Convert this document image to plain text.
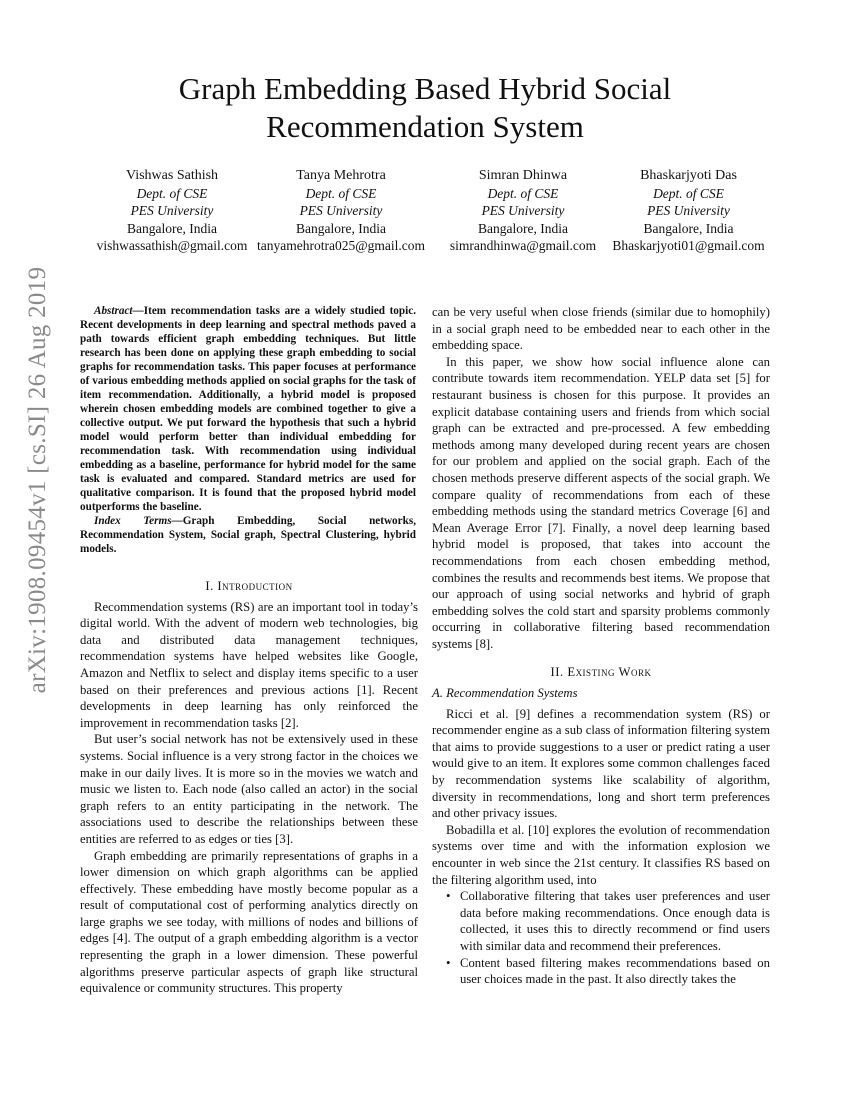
arXiv:1908.09454v1 [cs.SI] 26 Aug 2019
Graph Embedding Based Hybrid Social Recommendation System
Vishwas Sathish
Dept. of CSE
PES University
Bangalore, India
vishwassathish@gmail.com
Tanya Mehrotra
Dept. of CSE
PES University
Bangalore, India
tanyamehrotra025@gmail.com
Simran Dhinwa
Dept. of CSE
PES University
Bangalore, India
simrandhinwa@gmail.com
Bhaskarjyoti Das
Dept. of CSE
PES University
Bangalore, India
Bhaskarjyoti01@gmail.com

Abstract—Item recommendation tasks are a widely studied topic. Recent developments in deep learning and spectral methods paved a path towards efficient graph embedding techniques. But little research has been done on applying these graph embedding to social graphs for recommendation tasks. This paper focuses at performance of various embedding methods applied on social graphs for the task of item recommendation. Additionally, a hybrid model is proposed wherein chosen embedding models are combined together to give a collective output. We put forward the hypothesis that such a hybrid model would perform better than individual embedding for recommendation task. With recommendation using individual embedding as a baseline, performance for hybrid model for the same task is evaluated and compared. Standard metrics are used for qualitative comparison. It is found that the proposed hybrid model outperforms the baseline.

Index Terms—Graph Embedding, Social networks, Recommendation System, Social graph, Spectral Clustering, hybrid models.

I. Introduction

Recommendation systems (RS) are an important tool in today’s digital world. With the advent of modern web technologies, big data and distributed data management techniques, recommendation systems have helped websites like Google, Amazon and Netflix to select and display items specific to a user based on their preferences and previous actions [1]. Recent developments in deep learning has only reinforced the improvement in recommendation tasks [2].

But user’s social network has not be extensively used in these systems. Social influence is a very strong factor in the choices we make in our daily lives. It is more so in the movies we watch and music we listen to. Each node (also called an actor) in the social graph refers to an entity participating in the network. The associations used to describe the relationships between these entities are referred to as edges or ties [3].

Graph embedding are primarily representations of graphs in a lower dimension on which graph algorithms can be applied effectively. These embedding have mostly become popular as a result of computational cost of performing analytics directly on large graphs we see today, with millions of nodes and billions of edges [4]. The output of a graph embedding algorithm is a vector representing the graph in a lower dimension. These powerful algorithms preserve particular aspects of graph like structural equivalence or community structures. This property

can be very useful when close friends (similar due to homophily) in a social graph need to be embedded near to each other in the embedding space.

In this paper, we show how social influence alone can contribute towards item recommendation. YELP data set [5] for restaurant business is chosen for this purpose. It provides an explicit database containing users and friends from which social graph can be extracted and pre-processed. A few embedding methods among many developed during recent years are chosen for our problem and applied on the social graph. Each of the chosen methods preserve different aspects of the social graph. We compare quality of recommendations from each of these embedding methods using the standard metrics Coverage [6] and Mean Average Error [7]. Finally, a novel deep learning based hybrid model is proposed, that takes into account the recommendations from each chosen embedding method, combines the results and recommends best items. We propose that our approach of using social networks and hybrid of graph embedding solves the cold start and sparsity problems commonly occurring in collaborative filtering based recommendation systems [8].

II. Existing Work
A. Recommendation Systems

Ricci et al. [9] defines a recommendation system (RS) or recommender engine as a sub class of information filtering system that aims to provide suggestions to a user or predict rating a user would give to an item. It explores some common challenges faced by recommendation systems like scalability of algorithm, diversity in recommendations, long and short term preferences and other privacy issues.

Bobadilla et al. [10] explores the evolution of recommendation systems over time and with the information explosion we encounter in web since the 21st century. It classifies RS based on the filtering algorithm used, into

• Collaborative filtering that takes user preferences and user data before making recommendations. Once enough data is collected, it uses this to directly recommend or find users with similar data and recommend their preferences.
• Content based filtering makes recommendations based on user choices made in the past. It also directly takes the
